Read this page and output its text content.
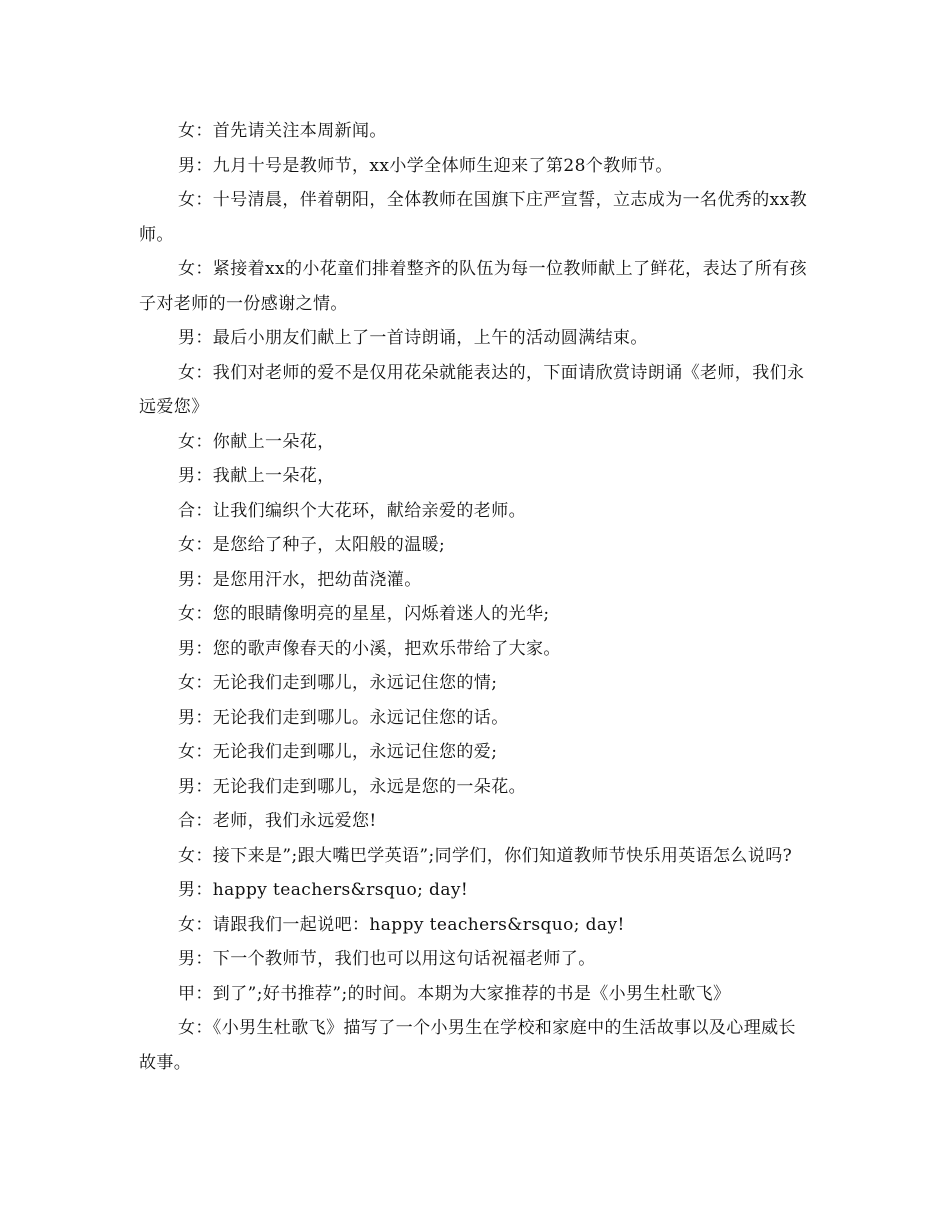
女：首先请关注本周新闻。

男：九月十号是教师节，xx小学全体师生迎来了第28个教师节。

女：十号清晨，伴着朝阳，全体教师在国旗下庄严宣誓，立志成为一名优秀的xx教师。

女：紧接着xx的小花童们排着整齐的队伍为每一位教师献上了鲜花，表达了所有孩子对老师的一份感谢之情。

男：最后小朋友们献上了一首诗朗诵，上午的活动圆满结束。

女：我们对老师的爱不是仅用花朵就能表达的，下面请欣赏诗朗诵《老师，我们永远爱您》

女：你献上一朵花，

男：我献上一朵花，

合：让我们编织个大花环，献给亲爱的老师。

女：是您给了种子，太阳般的温暖;

男：是您用汗水，把幼苗浇灌。

女：您的眼睛像明亮的星星，闪烁着迷人的光华;

男：您的歌声像春天的小溪，把欢乐带给了大家。

女：无论我们走到哪儿，永远记住您的情;

男：无论我们走到哪儿。永远记住您的话。

女：无论我们走到哪儿，永远记住您的爱;

男：无论我们走到哪儿，永远是您的一朵花。

合：老师，我们永远爱您!

女：接下来是”;跟大嘴巴学英语”;同学们，你们知道教师节快乐用英语怎么说吗?

男：happy teachers&rsquo; day!

女：请跟我们一起说吧：happy teachers&rsquo; day!

男：下一个教师节，我们也可以用这句话祝福老师了。

甲：到了”;好书推荐”;的时间。本期为大家推荐的书是《小男生杜歌飞》

女：《小男生杜歌飞》描写了一个小男生在学校和家庭中的生活故事以及心理威长故事。
